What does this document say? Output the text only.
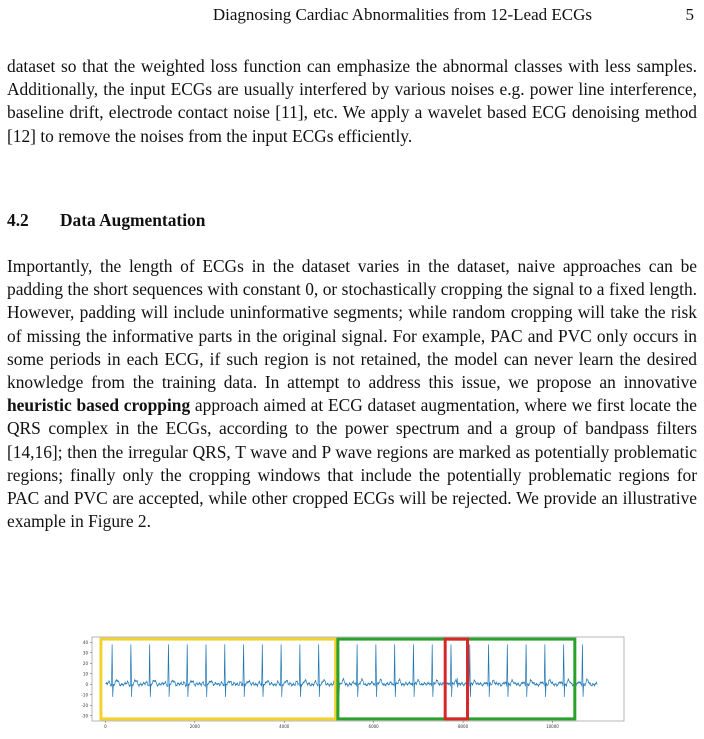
Diagnosing Cardiac Abnormalities from 12-Lead ECGs	5

dataset so that the weighted loss function can emphasize the abnormal classes with less samples. Additionally, the input ECGs are usually interfered by various noises e.g. power line interference, baseline drift, electrode contact noise [11], etc. We apply a wavelet based ECG denoising method [12] to remove the noises from the input ECGs efficiently.

4.2 Data Augmentation

Importantly, the length of ECGs in the dataset varies in the dataset, naive approaches can be padding the short sequences with constant 0, or stochastically cropping the signal to a fixed length. However, padding will include uninformative segments; while random cropping will take the risk of missing the informative parts in the original signal. For example, PAC and PVC only occurs in some periods in each ECG, if such region is not retained, the model can never learn the desired knowledge from the training data. In attempt to address this issue, we propose an innovative heuristic based cropping approach aimed at ECG dataset augmentation, where we first locate the QRS complex in the ECGs, according to the power spectrum and a group of bandpass filters [14,16]; then the irregular QRS, T wave and P wave regions are marked as potentially problematic regions; finally only the cropping windows that include the potentially problematic regions for PAC and PVC are accepted, while other cropped ECGs will be rejected. We provide an illustrative example in Figure 2.

40
30
20
10
0
-10
-20
-30
0	2000	4000	6000	8000	10000
